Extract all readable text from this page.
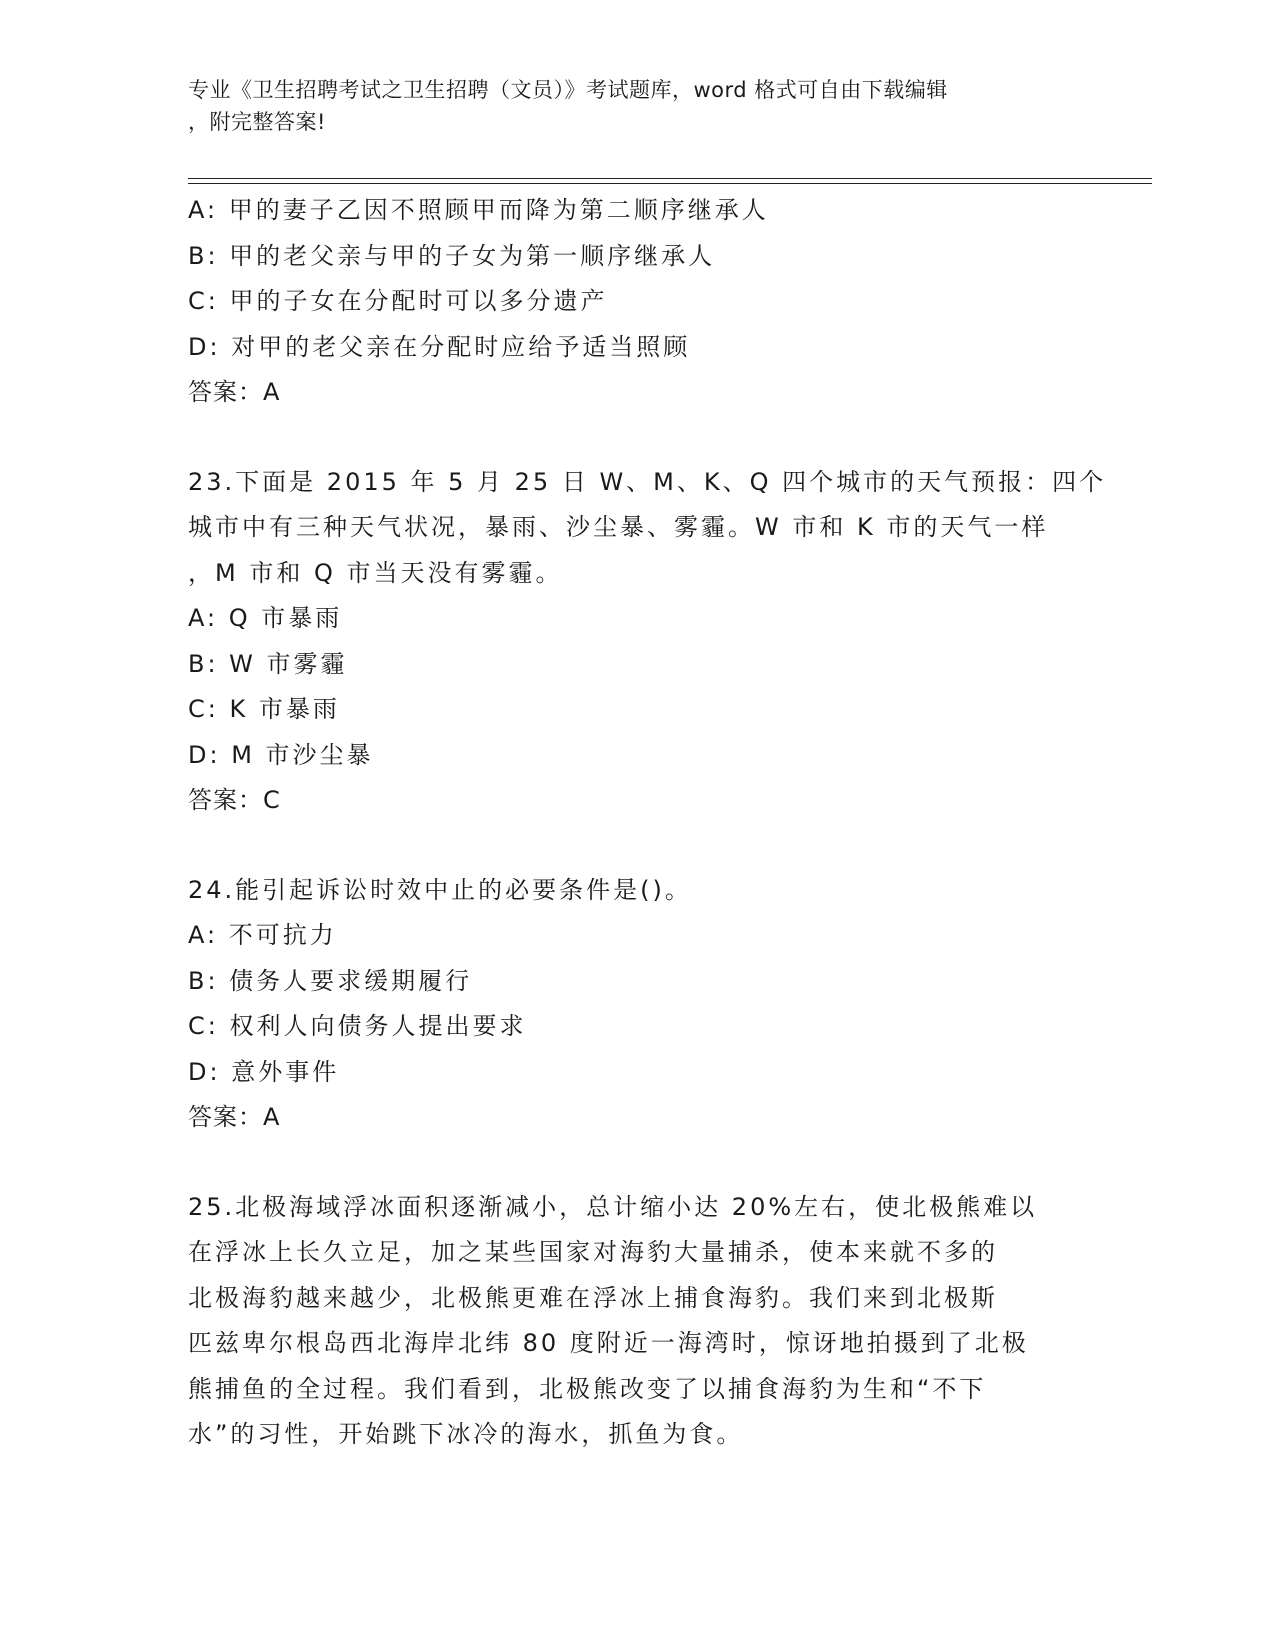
专业《卫生招聘考试之卫生招聘（文员）》考试题库，word 格式可自由下载编辑
，附完整答案!
A: 甲的妻子乙因不照顾甲而降为第二顺序继承人
B: 甲的老父亲与甲的子女为第一顺序继承人
C: 甲的子女在分配时可以多分遗产
D: 对甲的老父亲在分配时应给予适当照顾
答案：A
23.下面是 2015 年 5 月 25 日 W、M、K、Q 四个城市的天气预报：四个
城市中有三种天气状况，暴雨、沙尘暴、雾霾。W 市和 K 市的天气一样
，M 市和 Q 市当天没有雾霾。
A: Q 市暴雨
B: W 市雾霾
C: K 市暴雨
D: M 市沙尘暴
答案：C
24.能引起诉讼时效中止的必要条件是()。
A: 不可抗力
B: 债务人要求缓期履行
C: 权利人向债务人提出要求
D: 意外事件
答案：A
25.北极海域浮冰面积逐渐减小，总计缩小达 20%左右，使北极熊难以
在浮冰上长久立足，加之某些国家对海豹大量捕杀，使本来就不多的
北极海豹越来越少，北极熊更难在浮冰上捕食海豹。我们来到北极斯
匹兹卑尔根岛西北海岸北纬 80 度附近一海湾时，惊讶地拍摄到了北极
熊捕鱼的全过程。我们看到，北极熊改变了以捕食海豹为生和“不下
水”的习性，开始跳下冰冷的海水，抓鱼为食。
